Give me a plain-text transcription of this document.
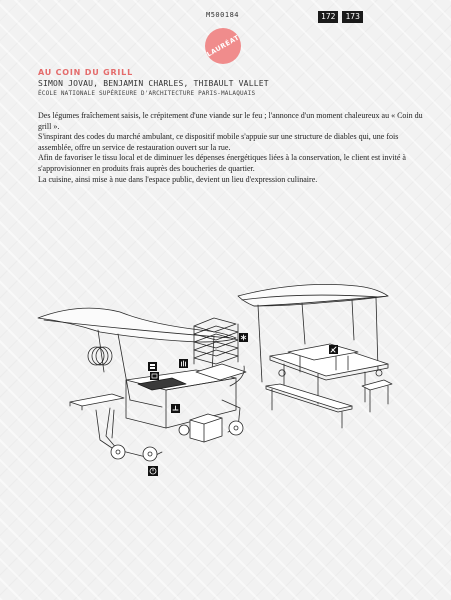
M500184	172	173
LAURÉAT
AU COIN DU GRILL

SIMON JOVAU, BENJAMIN CHARLES, THIBAULT VALLET

ÉCOLE NATIONALE SUPÉRIEURE D'ARCHITECTURE PARIS-MALAQUAIS

Des légumes fraîchement saisis, le crépitement d'une viande sur le feu ; l'annonce d'un moment chaleureux au « Coin du grill ».

S'inspirant des codes du marché ambulant, ce dispositif mobile s'appuie sur une structure de diables qui, une fois assemblée, offre un service de restauration ouvert sur la rue.

Afin de favoriser le tissu local et de diminuer les dépenses énergétiques liées à la conservation, le client est invité à s'approvisionner en produits frais auprès des boucheries de quartier.

La cuisine, ainsi mise à nue dans l'espace public, devient un lieu d'expression culinaire.
